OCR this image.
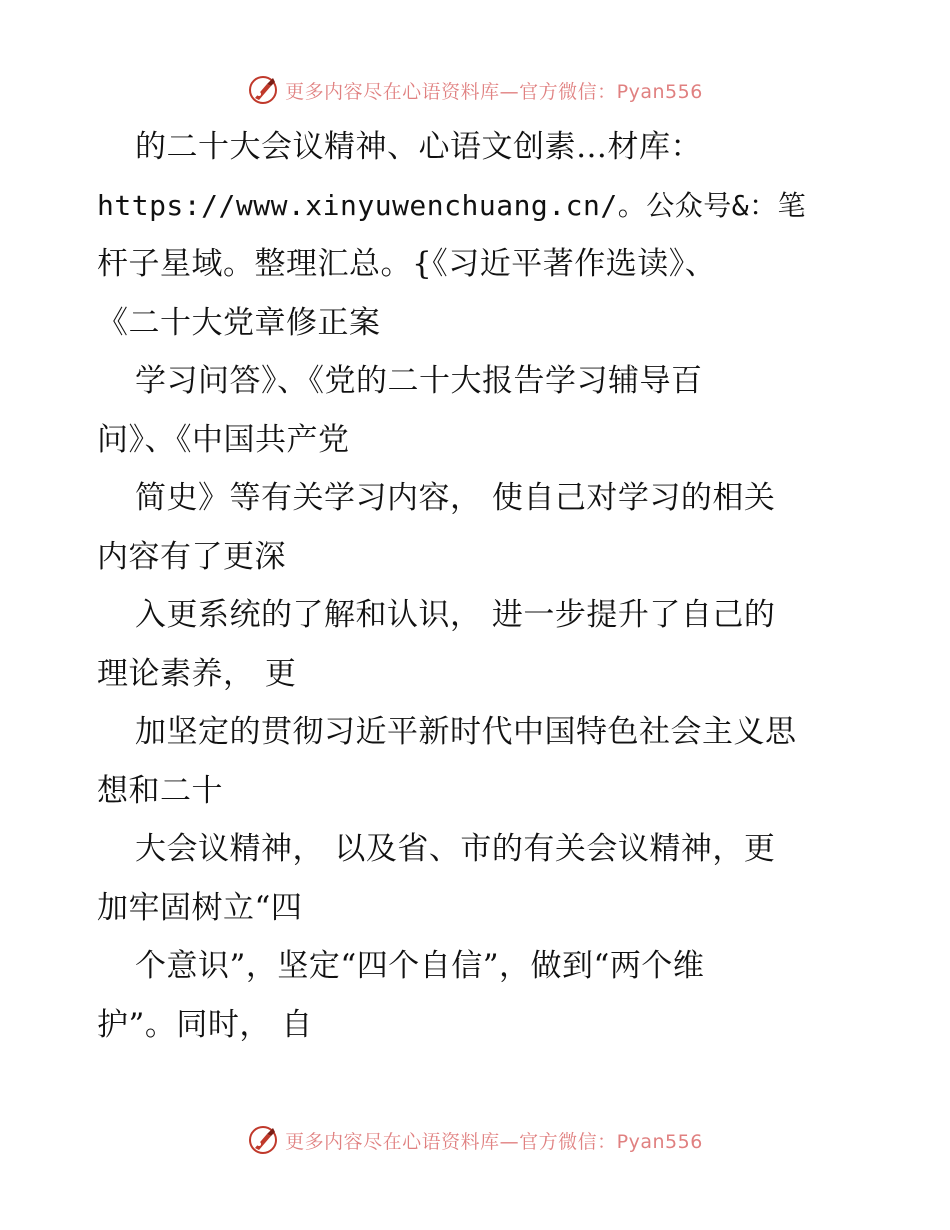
更多内容尽在心语资料库—官方微信：Pyan556
的二十大会议精神、心语文创素…材库：
https://www.xinyuwenchuang.cn/。公众号&：笔
杆子星域。整理汇总。{《习近平著作选读》、
《二十大党章修正案
学习问答》、《党的二十大报告学习辅导百
问》、《中国共产党
简史》等有关学习内容， 使自己对学习的相关
内容有了更深
入更系统的了解和认识， 进一步提升了自己的
理论素养， 更
加坚定的贯彻习近平新时代中国特色社会主义思
想和二十
大会议精神， 以及省、市的有关会议精神，更
加牢固树立“四
个意识”，坚定“四个自信”，做到“两个维
护”。同时， 自
更多内容尽在心语资料库—官方微信：Pyan556
